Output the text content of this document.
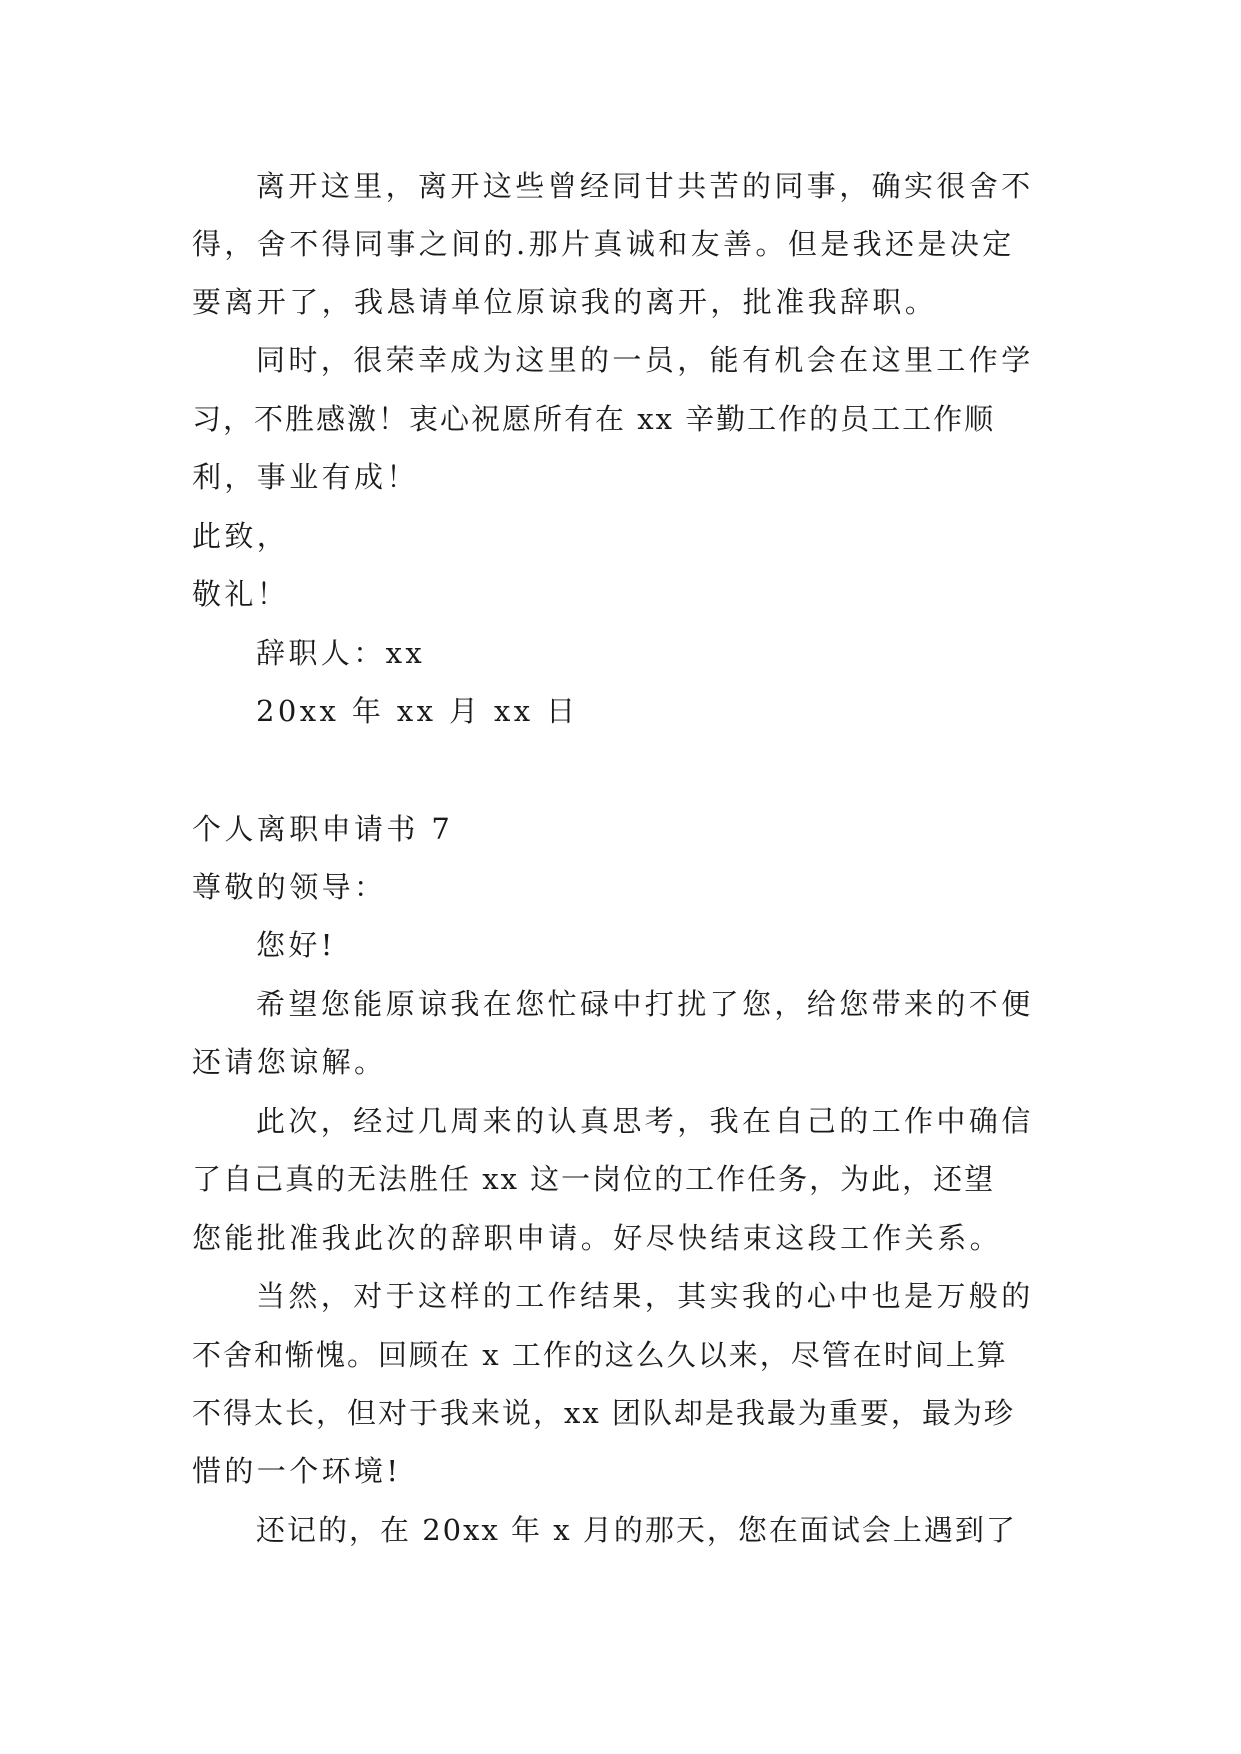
离开这里，离开这些曾经同甘共苦的同事，确实很舍不
得，舍不得同事之间的.那片真诚和友善。但是我还是决定
要离开了，我恳请单位原谅我的离开，批准我辞职。
同时，很荣幸成为这里的一员，能有机会在这里工作学
习，不胜感激！衷心祝愿所有在 xx 辛勤工作的员工工作顺
利，事业有成！
此致，
敬礼！
辞职人：xx
20xx 年 xx 月 xx 日
个人离职申请书 7
尊敬的领导：
您好!
希望您能原谅我在您忙碌中打扰了您，给您带来的不便
还请您谅解。
此次，经过几周来的认真思考，我在自己的工作中确信
了自己真的无法胜任 xx 这一岗位的工作任务，为此，还望
您能批准我此次的辞职申请。好尽快结束这段工作关系。
当然，对于这样的工作结果，其实我的心中也是万般的
不舍和惭愧。回顾在 x 工作的这么久以来，尽管在时间上算
不得太长，但对于我来说，xx 团队却是我最为重要，最为珍
惜的一个环境!
还记的，在 20xx 年 x 月的那天，您在面试会上遇到了
